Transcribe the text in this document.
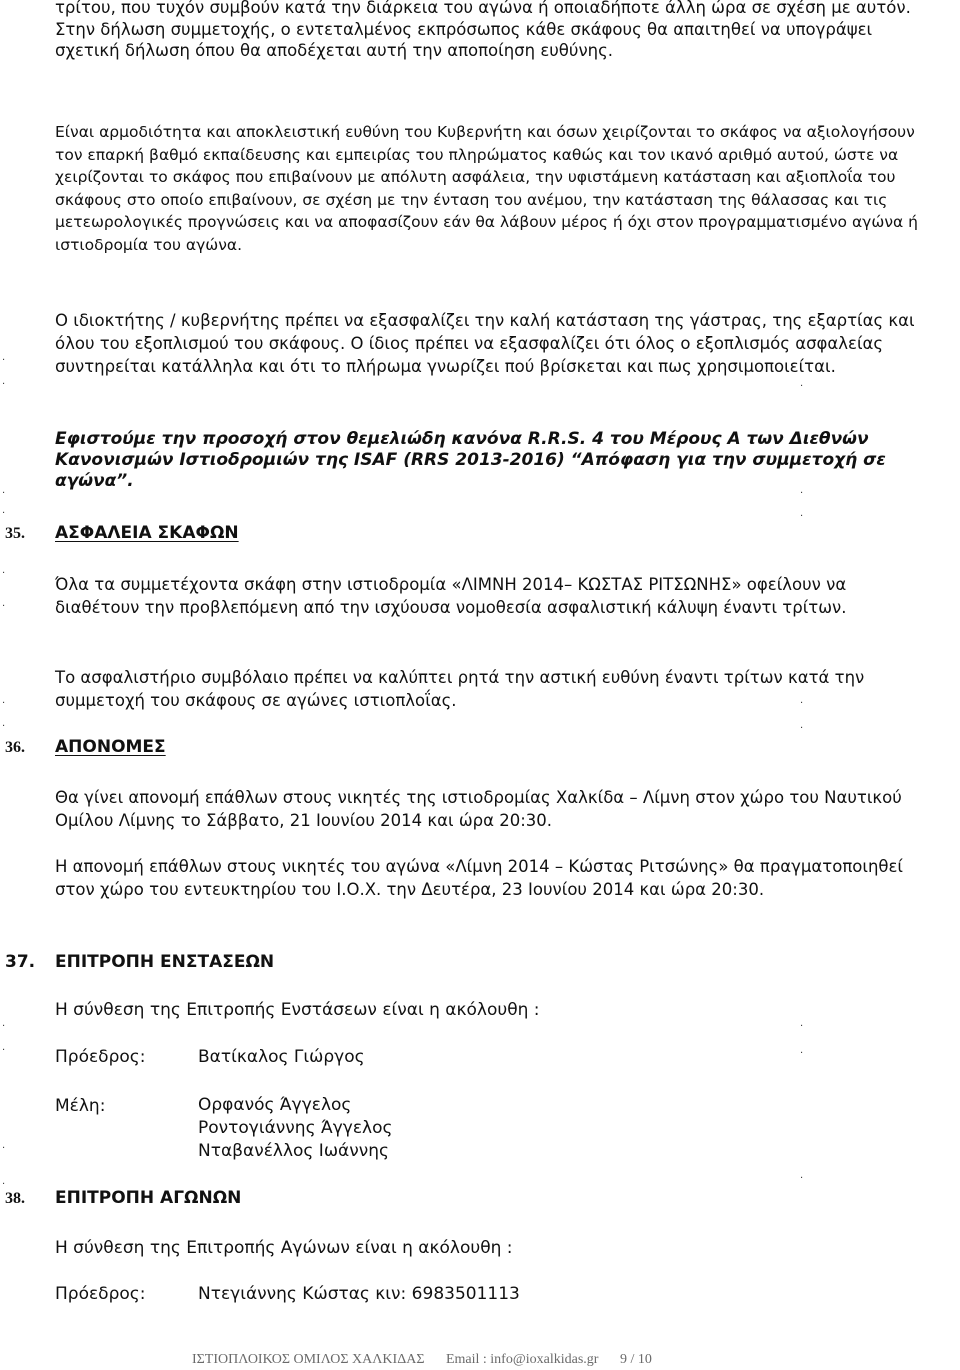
τρίτου, που τυχόν συμβούν κατά την διάρκεια του αγώνα ή οποιαδήποτε άλλη ώρα σε σχέση με αυτόν.
Στην δήλωση συμμετοχής, ο εντεταλμένος εκπρόσωπος κάθε σκάφους θα απαιτηθεί να υπογράψει σχετική δήλωση όπου θα αποδέχεται αυτή την αποποίηση ευθύνης.

Είναι αρμοδιότητα και αποκλειστική ευθύνη του Κυβερνήτη και όσων χειρίζονται το σκάφος να αξιολογήσουν τον επαρκή βαθμό εκπαίδευσης και εμπειρίας του πληρώματος καθώς και τον ικανό αριθμό αυτού, ώστε να χειρίζονται το σκάφος που επιβαίνουν με απόλυτη ασφάλεια, την υφιστάμενη κατάσταση και αξιοπλοΐα του σκάφους στο οποίο επιβαίνουν, σε σχέση με την ένταση του ανέμου, την κατάσταση της θάλασσας και τις μετεωρολογικές προγνώσεις και να αποφασίζουν εάν θα λάβουν μέρος ή όχι στον προγραμματισμένο αγώνα ή ιστιοδρομία του αγώνα.

Ο ιδιοκτήτης / κυβερνήτης πρέπει να εξασφαλίζει την καλή κατάσταση της γάστρας, της εξαρτίας και όλου του εξοπλισμού του σκάφους. Ο ίδιος πρέπει να εξασφαλίζει ότι όλος ο εξοπλισμός ασφαλείας συντηρείται κατάλληλα και ότι το πλήρωμα γνωρίζει πού βρίσκεται και πως χρησιμοποιείται.

Εφιστούμε την προσοχή στον θεμελιώδη κανόνα R.R.S. 4 του Μέρους Α των Διεθνών Κανονισμών Ιστιοδρομιών της ISAF (RRS 2013-2016) “Απόφαση για την συμμετοχή σε αγώνα”.

35. ΑΣΦΑΛΕΙΑ ΣΚΑΦΩΝ

Όλα τα συμμετέχοντα σκάφη στην ιστιοδρομία «ΛΙΜΝΗ 2014– ΚΩΣΤΑΣ ΡΙΤΣΩΝΗΣ» οφείλουν να διαθέτουν την προβλεπόμενη από την ισχύουσα νομοθεσία ασφαλιστική κάλυψη έναντι τρίτων.

Το ασφαλιστήριο συμβόλαιο πρέπει να καλύπτει ρητά την αστική ευθύνη έναντι τρίτων κατά την συμμετοχή του σκάφους σε αγώνες ιστιοπλοΐας.

36. ΑΠΟΝΟΜΕΣ

Θα γίνει απονομή επάθλων στους νικητές της ιστιοδρομίας Χαλκίδα – Λίμνη στον χώρο του Ναυτικού Ομίλου Λίμνης το Σάββατο, 21 Ιουνίου 2014 και ώρα 20:30.

Η απονομή επάθλων στους νικητές του αγώνα «Λίμνη 2014 – Κώστας Ριτσώνης» θα πραγματοποιηθεί στον χώρο του εντευκτηρίου του Ι.Ο.Χ. την Δευτέρα, 23 Ιουνίου 2014 και ώρα 20:30.

37. ΕΠΙΤΡΟΠΗ ΕΝΣΤΑΣΕΩΝ
Η σύνθεση της Επιτροπής Ενστάσεων είναι η ακόλουθη :
Πρόεδρος:	Βατίκαλος Γιώργος
Μέλη:	Ορφανός Άγγελος
Ροντογιάννης Άγγελος
Νταβανέλλος Ιωάννης
38. ΕΠΙΤΡΟΠΗ ΑΓΩΝΩΝ
Η σύνθεση της Επιτροπής Αγώνων είναι η ακόλουθη :
Πρόεδρος:	Ντεγιάννης Κώστας κιν: 6983501113
.
.
.
.
.
.
.
.
.
.
.
.
.
.
.
.
.
.
.
.
ΙΣΤΙΟΠΛΟΙΚΟΣ ΟΜΙΛΟΣ ΧΑΛΚΙΔΑΣ Email : info@ioxalkidas.gr 9 / 10
